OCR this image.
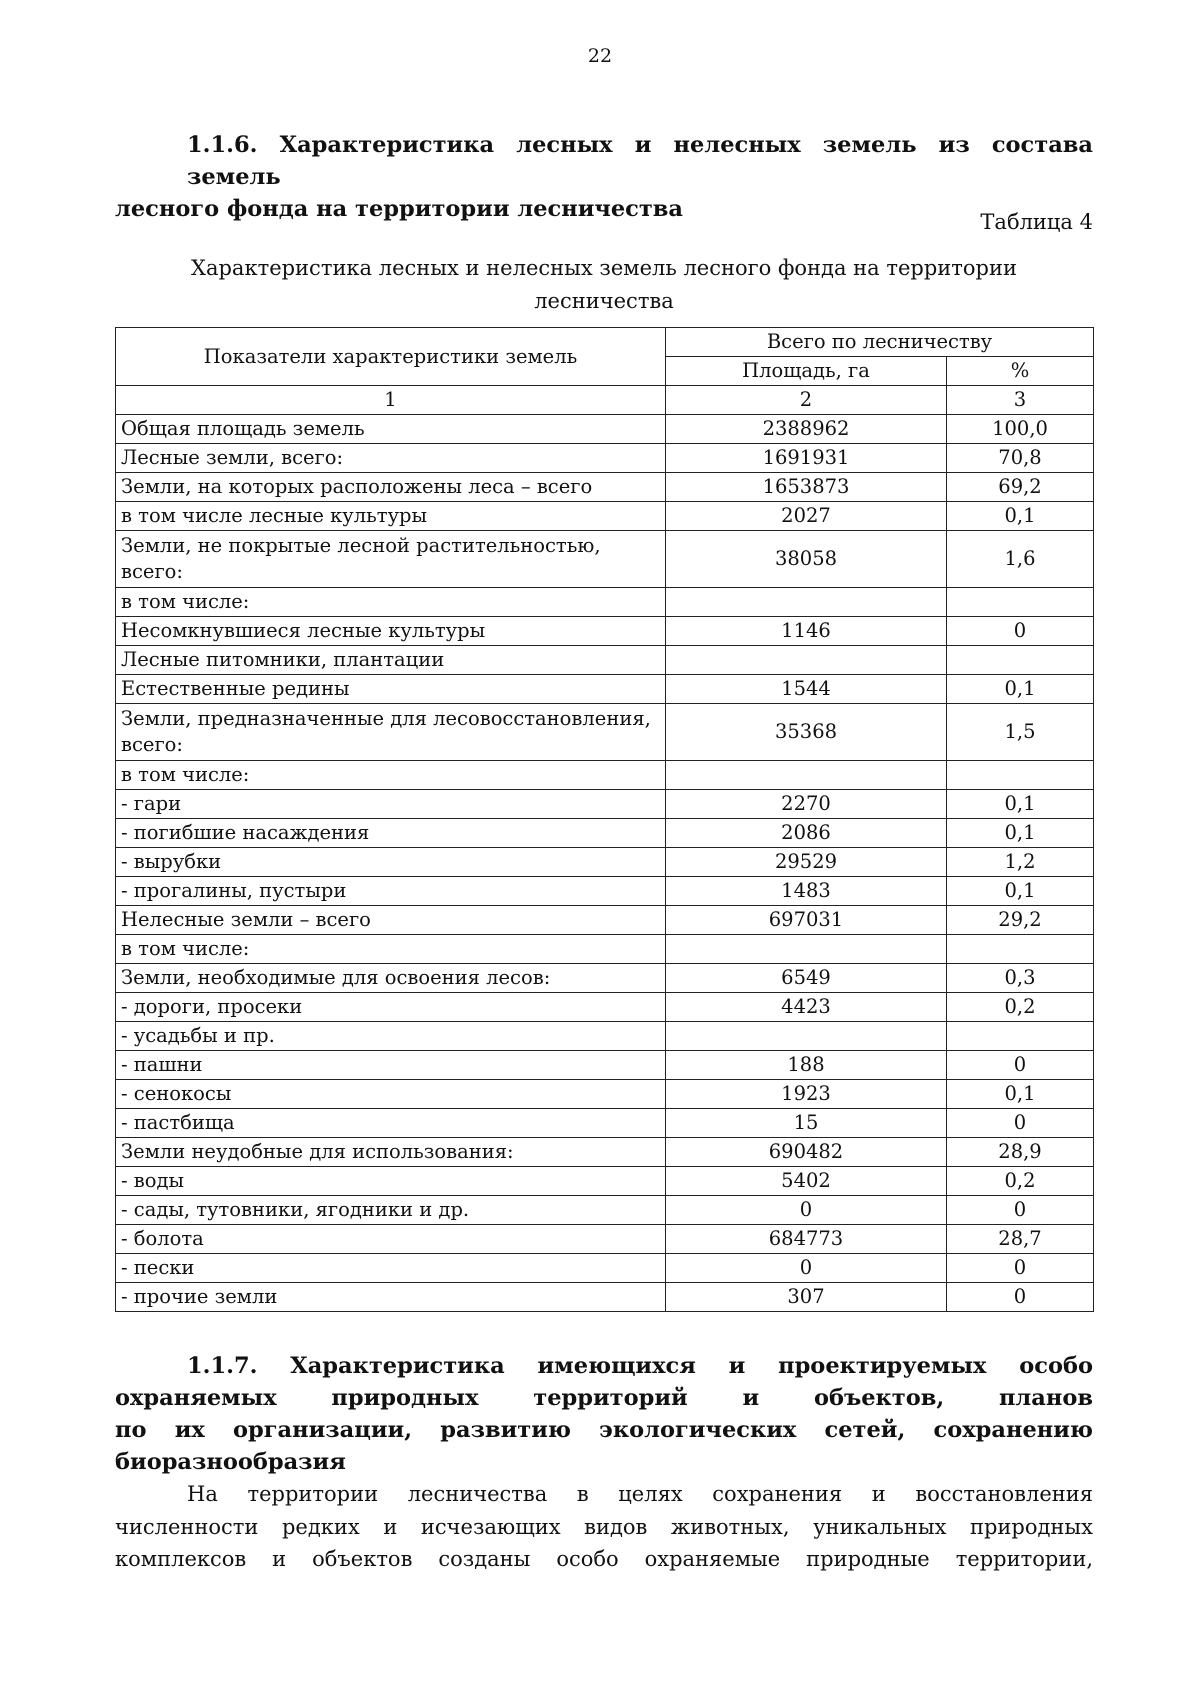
22
1.1.6. Характеристика лесных и нелесных земель из состава земель
лесного фонда на территории лесничества	Таблица 4
Характеристика лесных и нелесных земель лесного фонда на территории
лесничества
Показатели характеристики земель	Всего по лесничеству	
	Площадь, га	%
1	2	3
Общая площадь земель	2388962	100,0
Лесные земли, всего:	1691931	70,8
Земли, на которых расположены леса – всего	1653873	69,2
в том числе лесные культуры	2027	0,1
Земли, не покрытые лесной растительностью, всего:	38058	1,6
в том числе:		
Несомкнувшиеся лесные культуры	1146	0
Лесные питомники, плантации		
Естественные редины	1544	0,1
Земли, предназначенные для лесовосстановления, всего:	35368	1,5
в том числе:		
- гари	2270	0,1
- погибшие насаждения	2086	0,1
- вырубки	29529	1,2
- прогалины, пустыри	1483	0,1
Нелесные земли – всего	697031	29,2
в том числе:		
Земли, необходимые для освоения лесов:	6549	0,3
- дороги, просеки	4423	0,2
- усадьбы и пр.		
- пашни	188	0
- сенокосы	1923	0,1
- пастбища	15	0
Земли неудобные для использования:	690482	28,9
- воды	5402	0,2
- сады, тутовники, ягодники и др.	0	0
- болота	684773	28,7
- пески	0	0
- прочие земли	307	0
1.1.7. Характеристика имеющихся и проектируемых особо
охраняемых природных территорий и объектов, планов
по их организации, развитию экологических сетей, сохранению
биоразнообразия
На территории лесничества в целях сохранения и восстановления
численности редких и исчезающих видов животных, уникальных природных
комплексов и объектов созданы особо охраняемые природные территории,
